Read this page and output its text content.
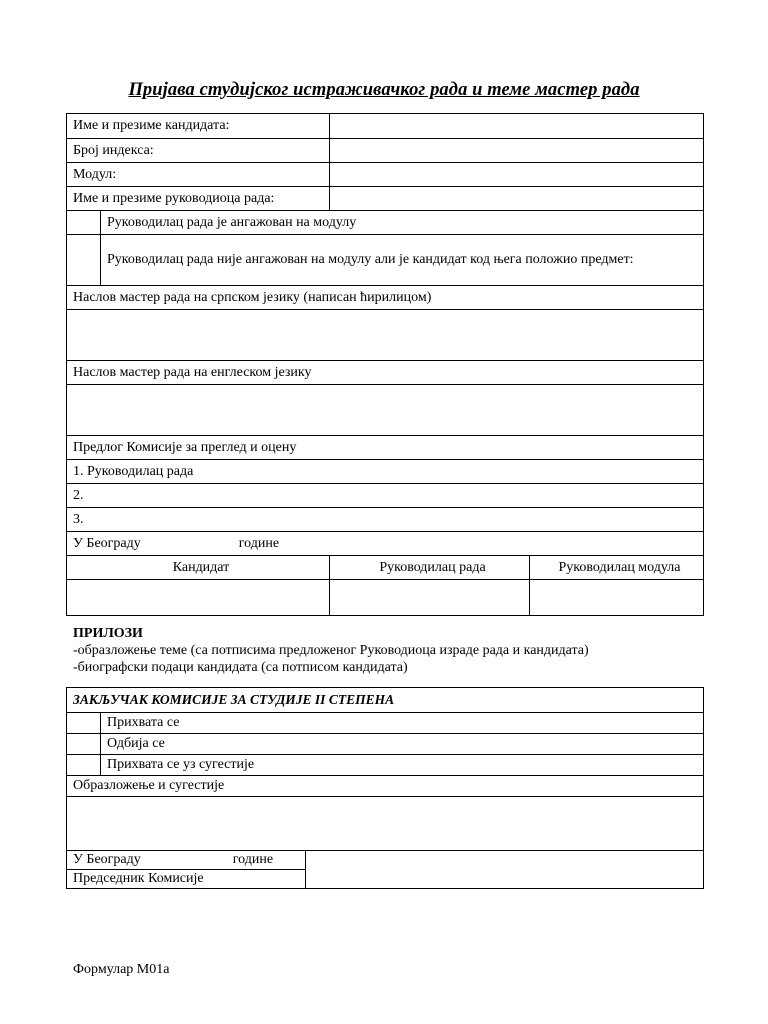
Пријава студијског истраживачког рада и теме мастер рада
Име и презиме кандидата:			
Број индекса:			
Модул:			
Име и презиме руководиоца рада:			
	Руководилац рада је ангажован на модулу		
	Руководилац рада није ангажован на модулу али је кандидат код њега положио предмет:		
Наслов мастер рада на српском језику (написан ћирилицом)			

Наслов мастер рада на енглеском језику			

Предлог Комисије за преглед и оцену			
1. Руководилац рада			
2.			
3.			
У Београду године			
Кандидат		Руководилац рада	Руководилац модула

ПРИЛОЗИ
-образложење теме (са потписима предложеног Руководиоца израде рада и кандидата)
-биографски подаци кандидата (са потписом кандидата)
ЗАКЉУЧАК КОМИСИЈЕ ЗА СТУДИЈЕ II СТЕПЕНА		
	Прихвата се	
	Одбија се	
	Прихвата се уз сугестије	
Образложење и сугестије		

У Београду године		
Председник Комисије		
Формулар М01а
